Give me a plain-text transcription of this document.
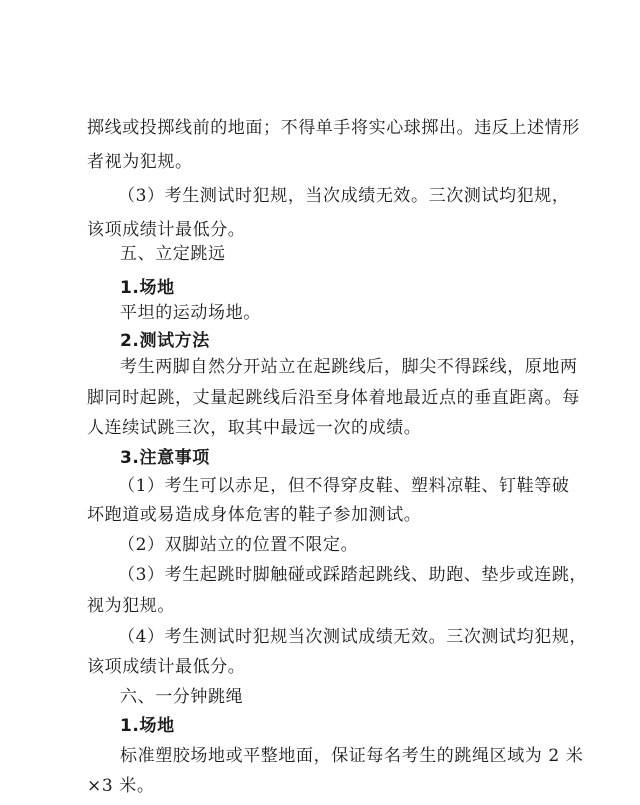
掷线或投掷线前的地面；不得单手将实心球掷出。违反上述情形
者视为犯规。
（3）考生测试时犯规，当次成绩无效。三次测试均犯规，
该项成绩计最低分。
五、立定跳远
1.场地
平坦的运动场地。
2.测试方法
考生两脚自然分开站立在起跳线后，脚尖不得踩线，原地两
脚同时起跳，丈量起跳线后沿至身体着地最近点的垂直距离。每
人连续试跳三次，取其中最远一次的成绩。
3.注意事项
（1）考生可以赤足，但不得穿皮鞋、塑料凉鞋、钉鞋等破
坏跑道或易造成身体危害的鞋子参加测试。
（2）双脚站立的位置不限定。
（3）考生起跳时脚触碰或踩踏起跳线、助跑、垫步或连跳，
视为犯规。
（4）考生测试时犯规当次测试成绩无效。三次测试均犯规，
该项成绩计最低分。
六、一分钟跳绳
1.场地
标准塑胶场地或平整地面，保证每名考生的跳绳区域为 2 米
×3 米。
